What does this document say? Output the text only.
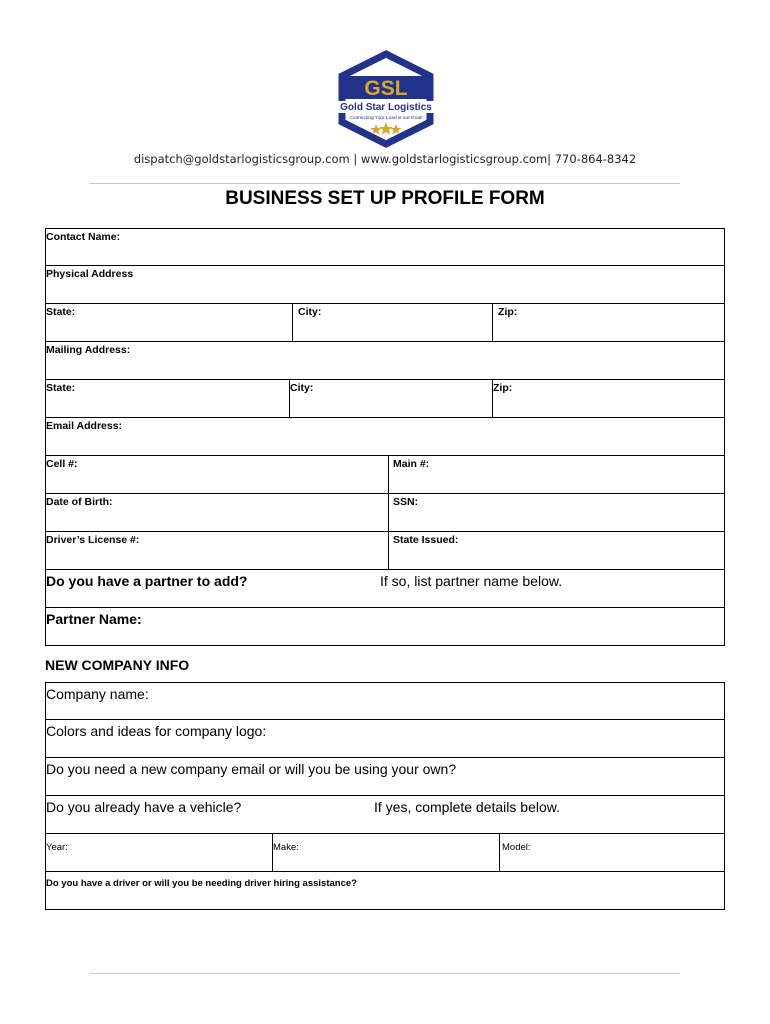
GSL
Gold Star Logistics
Connecting Your Load is our Goal!
dispatch@goldstarlogisticsgroup.com | www.goldstarlogisticsgroup.com| 770-864-8342
BUSINESS SET UP PROFILE FORM
Contact Name:
Physical Address
State:	City:	Zip:
Mailing Address:
State:	City:	Zip:
Email Address:
Cell #:	Main #:
Date of Birth:	SSN:
Driver’s License #:	State Issued:
Do you have a partner to add?	If so, list partner name below.
Partner Name:
NEW COMPANY INFO
Company name:
Colors and ideas for company logo:
Do you need a new company email or will you be using your own?
Do you already have a vehicle?	If yes, complete details below.
Year:	Make:	Model:
Do you have a driver or will you be needing driver hiring assistance?
